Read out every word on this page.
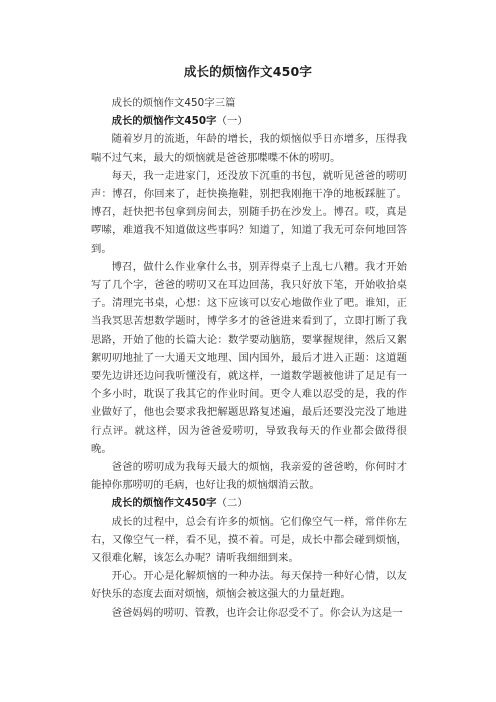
成长的烦恼作文450字

成长的烦恼作文450字三篇

成长的烦恼作文450字（一）

随着岁月的流逝，年龄的增长，我的烦恼似乎日亦增多，压得我喘不过气来，最大的烦恼就是爸爸那喋喋不休的唠叨。

每天，我一走进家门，还没放下沉重的书包，就听见爸爸的唠叨声：博召，你回来了，赶快换拖鞋，别把我刚拖干净的地板踩脏了。博召，赶快把书包拿到房间去，别随手扔在沙发上。博召。哎，真是啰嗦，难道我不知道做这些事吗？知道了，知道了我无可奈何地回答到。

博召，做什么作业拿什么书，别弄得桌子上乱七八糟。我才开始写了几个字，爸爸的唠叨又在耳边回荡，我只好放下笔，开始收拾桌子。清理完书桌，心想：这下应该可以安心地做作业了吧。谁知，正当我冥思苦想数学题时，博学多才的爸爸进来看到了，立即打断了我思路，开始了他的长篇大论：数学要动脑筋，要掌握规律，然后又絮絮叨叨地扯了一大通天文地理、国内国外，最后才进入正题：这道题要先边讲还边问我听懂没有，就这样，一道数学题被他讲了足足有一个多小时，耽误了我其它的作业时间。更令人难以忍受的是，我的作业做好了，他也会要求我把解题思路复述遍，最后还要没完没了地进行点评。就这样，因为爸爸爱唠叨，导致我每天的作业都会做得很晚。

爸爸的唠叨成为我每天最大的烦恼，我亲爱的爸爸哟，你何时才能掉你那唠叨的毛病，也好让我的烦恼烟消云散。

成长的烦恼作文450字（二）

成长的过程中，总会有许多的烦恼。它们像空气一样，常伴你左右，又像空气一样，看不见，摸不着。可是，成长中都会碰到烦恼，又很难化解，该怎么办呢？请听我细细到来。

开心。开心是化解烦恼的一种办法。每天保持一种好心情，以友好快乐的态度去面对烦恼，烦恼会被这强大的力量赶跑。

爸爸妈妈的唠叨、管教，也许会让你忍受不了。你会认为这是一
